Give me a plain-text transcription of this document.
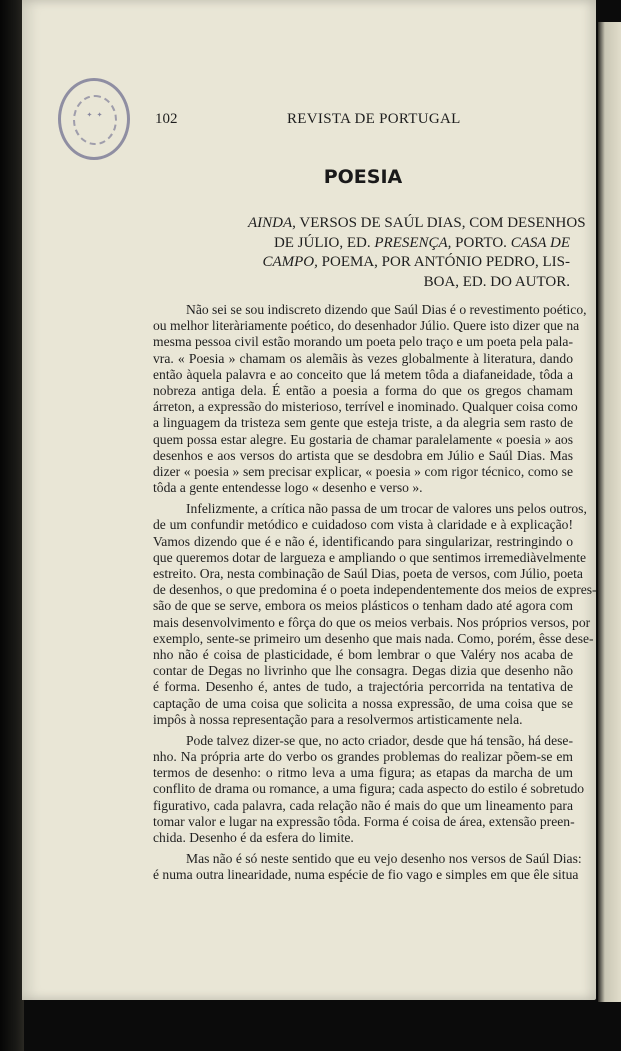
✦ ✦	102	REVISTA DE PORTUGAL
POESIA
AINDA, VERSOS DE SAÚL DIAS, COM DESENHOS
DE JÚLIO, ED. PRESENÇA, PORTO. CASA DE
CAMPO, POEMA, POR ANTÓNIO PEDRO, LIS-
BOA, ED. DO AUTOR.
Não sei se sou indiscreto dizendo que Saúl Dias é o revestimento poético,
ou melhor literàriamente poético, do desenhador Júlio. Quere isto dizer que na
mesma pessoa civil estão morando um poeta pelo traço e um poeta pela pala-
vra. « Poesia » chamam os alemãis às vezes globalmente à literatura, dando
então àquela palavra e ao conceito que lá metem tôda a diafaneidade, tôda a
nobreza antiga dela. É então a poesia a forma do que os gregos chamam
árreton, a expressão do misterioso, terrível e inominado. Qualquer coisa como
a linguagem da tristeza sem gente que esteja triste, a da alegria sem rasto de
quem possa estar alegre. Eu gostaria de chamar paralelamente « poesia » aos
desenhos e aos versos do artista que se desdobra em Júlio e Saúl Dias. Mas
dizer « poesia » sem precisar explicar, « poesia » com rigor técnico, como se
tôda a gente entendesse logo « desenho e verso ».
Infelizmente, a crítica não passa de um trocar de valores uns pelos outros,
de um confundir metódico e cuidadoso com vista à claridade e à explicação!
Vamos dizendo que é e não é, identificando para singularizar, restringindo o
que queremos dotar de largueza e ampliando o que sentimos irremediàvelmente
estreito. Ora, nesta combinação de Saúl Dias, poeta de versos, com Júlio, poeta
de desenhos, o que predomina é o poeta independentemente dos meios de expres-
são de que se serve, embora os meios plásticos o tenham dado até agora com
mais desenvolvimento e fôrça do que os meios verbais. Nos próprios versos, por
exemplo, sente-se primeiro um desenho que mais nada. Como, porém, êsse dese-
nho não é coisa de plasticidade, é bom lembrar o que Valéry nos acaba de
contar de Degas no livrinho que lhe consagra. Degas dizia que desenho não
é forma. Desenho é, antes de tudo, a trajectória percorrida na tentativa de
captação de uma coisa que solicita a nossa expressão, de uma coisa que se
impôs à nossa representação para a resolvermos artisticamente nela.
Pode talvez dizer-se que, no acto criador, desde que há tensão, há dese-
nho. Na própria arte do verbo os grandes problemas do realizar põem-se em
termos de desenho: o ritmo leva a uma figura; as etapas da marcha de um
conflito de drama ou romance, a uma figura; cada aspecto do estilo é sobretudo
figurativo, cada palavra, cada relação não é mais do que um lineamento para
tomar valor e lugar na expressão tôda. Forma é coisa de área, extensão preen-
chida. Desenho é da esfera do limite.
Mas não é só neste sentido que eu vejo desenho nos versos de Saúl Dias:
é numa outra linearidade, numa espécie de fio vago e simples em que êle situa
